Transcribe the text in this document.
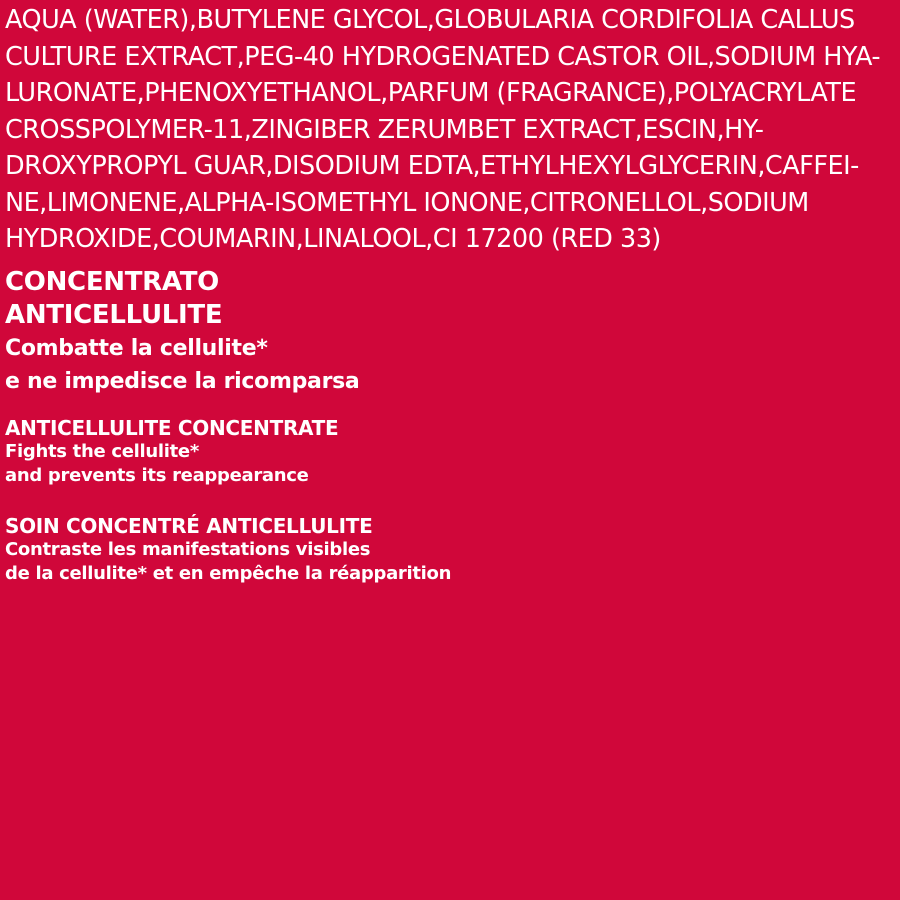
AQUA (WATER),BUTYLENE GLYCOL,GLOBULARIA CORDIFOLIA CALLUS
CULTURE EXTRACT,PEG-40 HYDROGENATED CASTOR OIL,SODIUM HYA-
LURONATE,PHENOXYETHANOL,PARFUM (FRAGRANCE),POLYACRYLATE
CROSSPOLYMER-11,ZINGIBER ZERUMBET EXTRACT,ESCIN,HY-
DROXYPROPYL GUAR,DISODIUM EDTA,ETHYLHEXYLGLYCERIN,CAFFEI-
NE,LIMONENE,ALPHA-ISOMETHYL IONONE,CITRONELLOL,SODIUM
HYDROXIDE,COUMARIN,LINALOOL,CI 17200 (RED 33)
CONCENTRATO
ANTICELLULITE
Combatte la cellulite*
e ne impedisce la ricomparsa
ANTICELLULITE CONCENTRATE
Fights the cellulite*
and prevents its reappearance
SOIN CONCENTRÉ ANTICELLULITE
Contraste les manifestations visibles
de la cellulite* et en empêche la réapparition
